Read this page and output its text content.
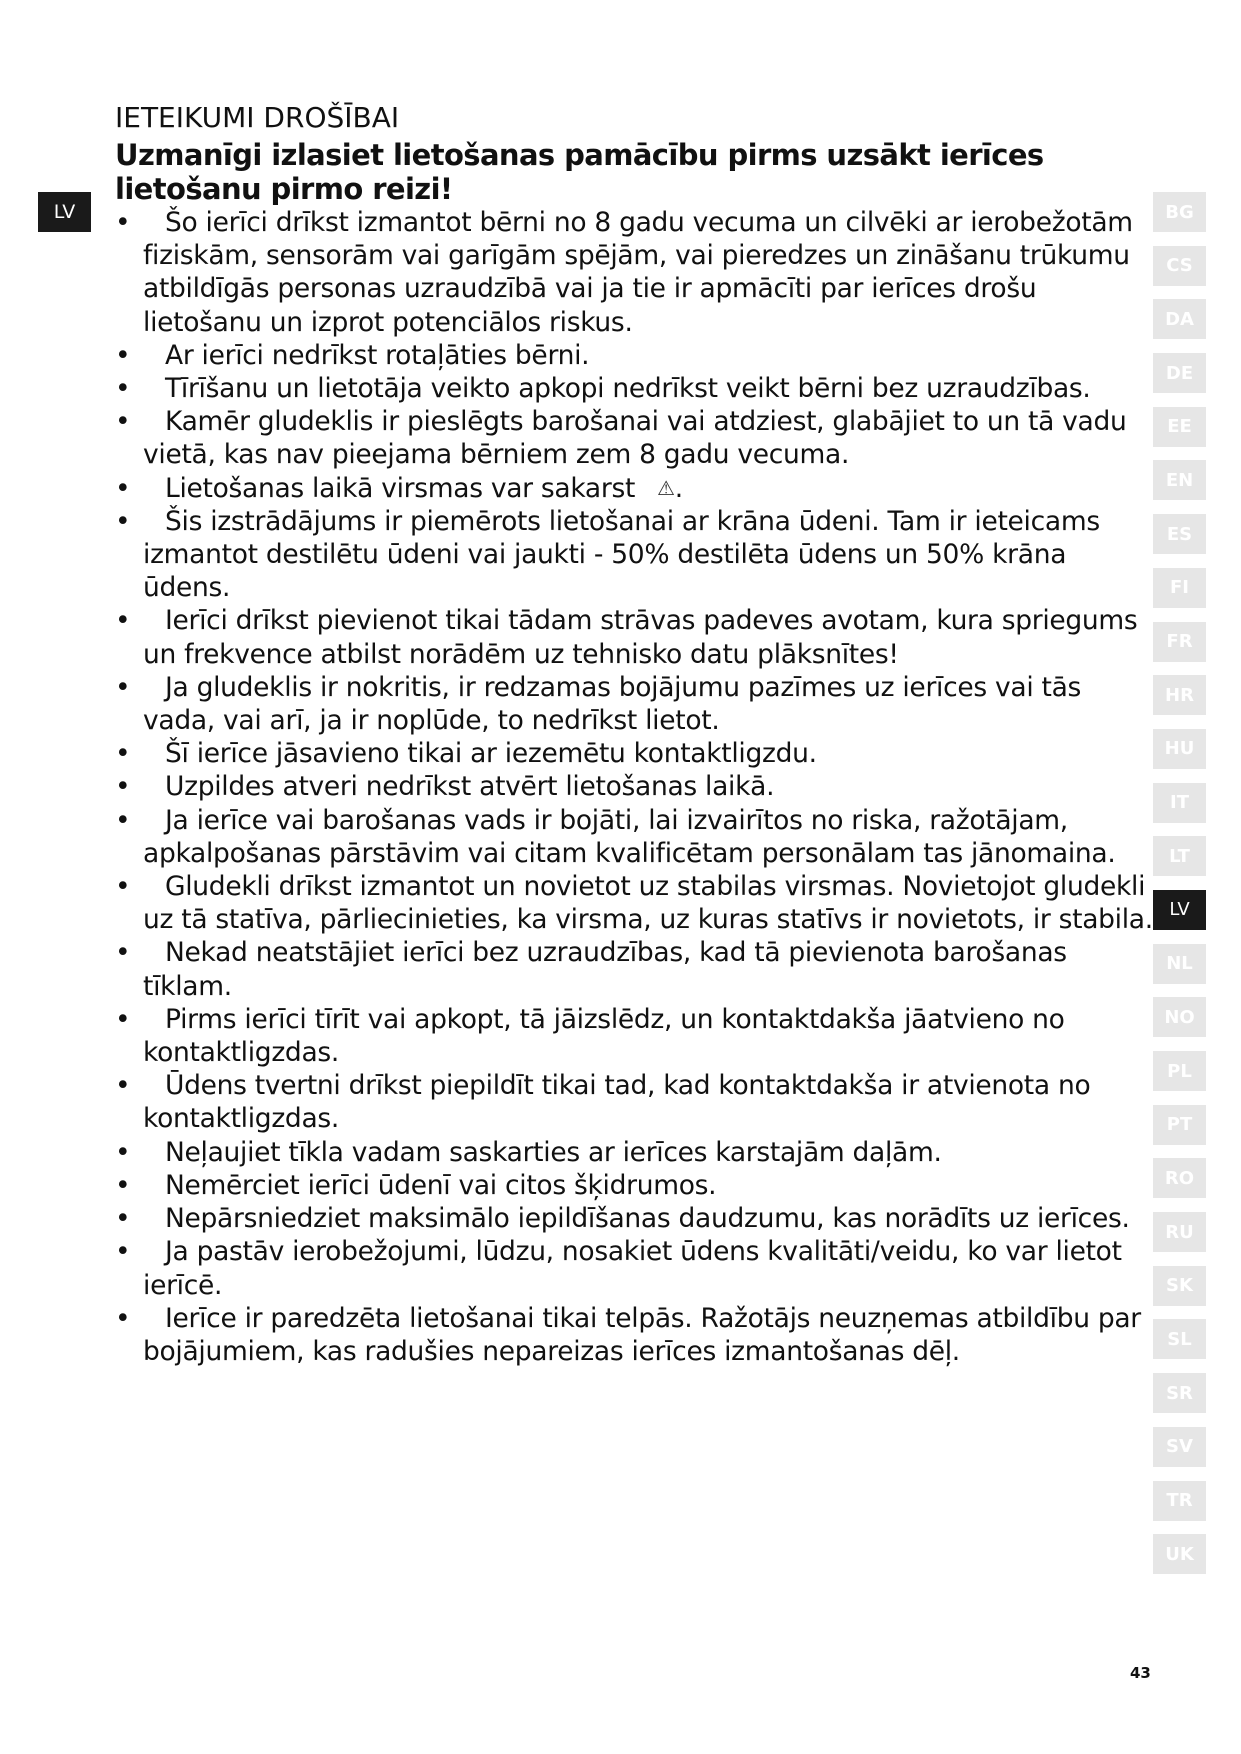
LV
IETEIKUMI DROŠĪBAI

Uzmanīgi izlasiet lietošanas pamācību pirms uzsākt ierīces lietošanu pirmo reizi!

•	Šo ierīci drīkst izmantot bērni no 8 gadu vecuma un cilvēki ar ierobežotām fiziskām, sensorām vai garīgām spējām, vai pieredzes un zināšanu trūkumu atbildīgās personas uzraudzībā vai ja tie ir apmācīti par ierīces drošu lietošanu un izprot potenciālos riskus.
•	Ar ierīci nedrīkst rotaļāties bērni.
•	Tīrīšanu un lietotāja veikto apkopi nedrīkst veikt bērni bez uzraudzības.
•	Kamēr gludeklis ir pieslēgts barošanai vai atdziest, glabājiet to un tā vadu vietā, kas nav pieejama bērniem zem 8 gadu vecuma.
•	Lietošanas laikā virsmas var sakarst ⚠.
•	Šis izstrādājums ir piemērots lietošanai ar krāna ūdeni. Tam ir ieteicams izmantot destilētu ūdeni vai jaukti - 50% destilēta ūdens un 50% krāna ūdens.
•	Ierīci drīkst pievienot tikai tādam strāvas padeves avotam, kura spriegums un frekvence atbilst norādēm uz tehnisko datu plāksnītes!
•	Ja gludeklis ir nokritis, ir redzamas bojājumu pazīmes uz ierīces vai tās vada, vai arī, ja ir noplūde, to nedrīkst lietot.
•	Šī ierīce jāsavieno tikai ar iezemētu kontaktligzdu.
•	Uzpildes atveri nedrīkst atvērt lietošanas laikā.
•	Ja ierīce vai barošanas vads ir bojāti, lai izvairītos no riska, ražotājam, apkalpošanas pārstāvim vai citam kvalificētam personālam tas jānomaina.
•	Gludekli drīkst izmantot un novietot uz stabilas virsmas. Novietojot gludekli uz tā statīva, pārliecinieties, ka virsma, uz kuras statīvs ir novietots, ir stabila.
•	Nekad neatstājiet ierīci bez uzraudzības, kad tā pievienota barošanas tīklam.
•	Pirms ierīci tīrīt vai apkopt, tā jāizslēdz, un kontaktdakša jāatvieno no kontaktligzdas.
•	Ūdens tvertni drīkst piepildīt tikai tad, kad kontaktdakša ir atvienota no kontaktligzdas.
•	Neļaujiet tīkla vadam saskarties ar ierīces karstajām daļām.
•	Nemērciet ierīci ūdenī vai citos šķidrumos.
•	Nepārsniedziet maksimālo iepildīšanas daudzumu, kas norādīts uz ierīces.
•	Ja pastāv ierobežojumi, lūdzu, nosakiet ūdens kvalitāti/veidu, ko var lietot ierīcē.
•	Ierīce ir paredzēta lietošanai tikai telpās. Ražotājs neuzņemas atbildību par bojājumiem, kas radušies nepareizas ierīces izmantošanas dēļ.
BG
CS
DA
DE
EE
EN
ES
FI
FR
HR
HU
IT
LT
LV
NL
NO
PL
PT
RO
RU
SK
SL
SR
SV
TR
UK
43
